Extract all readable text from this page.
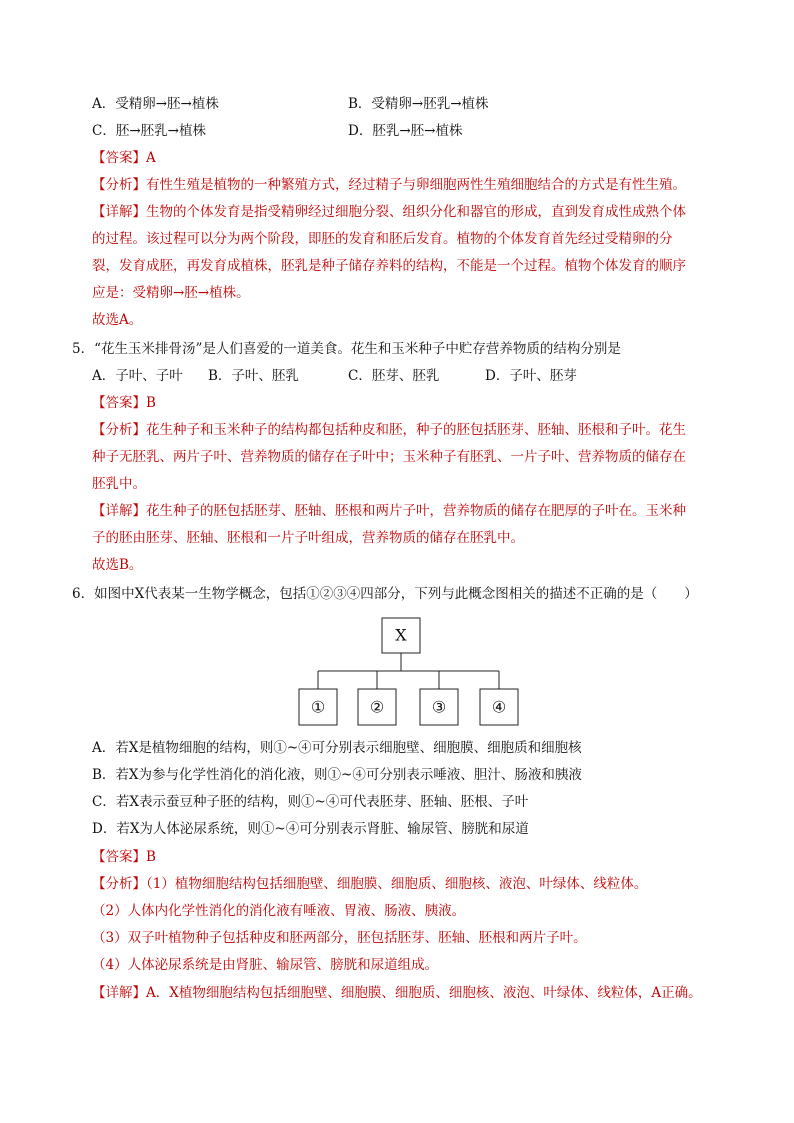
A．受精卵→胚→植株	B．受精卵→胚乳→植株
C．胚→胚乳→植株	D．胚乳→胚→植株
【答案】A
【分析】有性生殖是植物的一种繁殖方式，经过精子与卵细胞两性生殖细胞结合的方式是有性生殖。
【详解】生物的个体发育是指受精卵经过细胞分裂、组织分化和器官的形成，直到发育成性成熟个体
的过程。该过程可以分为两个阶段，即胚的发育和胚后发育。植物的个体发育首先经过受精卵的分
裂，发育成胚，再发育成植株，胚乳是种子储存养料的结构，不能是一个过程。植物个体发育的顺序
应是：受精卵→胚→植株。
故选A。
5．“花生玉米排骨汤”是人们喜爱的一道美食。花生和玉米种子中贮存营养物质的结构分别是
A．子叶、子叶 B．子叶、胚乳	C．胚芽、胚乳	D．子叶、胚芽
【答案】B
【分析】花生种子和玉米种子的结构都包括种皮和胚，种子的胚包括胚芽、胚轴、胚根和子叶。花生
种子无胚乳、两片子叶、营养物质的储存在子叶中；玉米种子有胚乳、一片子叶、营养物质的储存在
胚乳中。
【详解】花生种子的胚包括胚芽、胚轴、胚根和两片子叶，营养物质的储存在肥厚的子叶在。玉米种
子的胚由胚芽、胚轴、胚根和一片子叶组成，营养物质的储存在胚乳中。
故选B。
6．如图中X代表某一生物学概念，包括①②③④四部分，下列与此概念图相关的描述不正确的是（　　）
X
①	②	③	④
A．若X是植物细胞的结构，则①~④可分别表示细胞壁、细胞膜、细胞质和细胞核
B．若X为参与化学性消化的消化液，则①~④可分别表示唾液、胆汁、肠液和胰液
C．若X表示蚕豆种子胚的结构，则①~④可代表胚芽、胚轴、胚根、子叶
D．若X为人体泌尿系统，则①~④可分别表示肾脏、输尿管、膀胱和尿道
【答案】B
【分析】（1）植物细胞结构包括细胞壁、细胞膜、细胞质、细胞核、液泡、叶绿体、线粒体。
（2）人体内化学性消化的消化液有唾液、胃液、肠液、胰液。
（3）双子叶植物种子包括种皮和胚两部分，胚包括胚芽、胚轴、胚根和两片子叶。
（4）人体泌尿系统是由肾脏、输尿管、膀胱和尿道组成。
【详解】A．X植物细胞结构包括细胞壁、细胞膜、细胞质、细胞核、液泡、叶绿体、线粒体，A正确。
